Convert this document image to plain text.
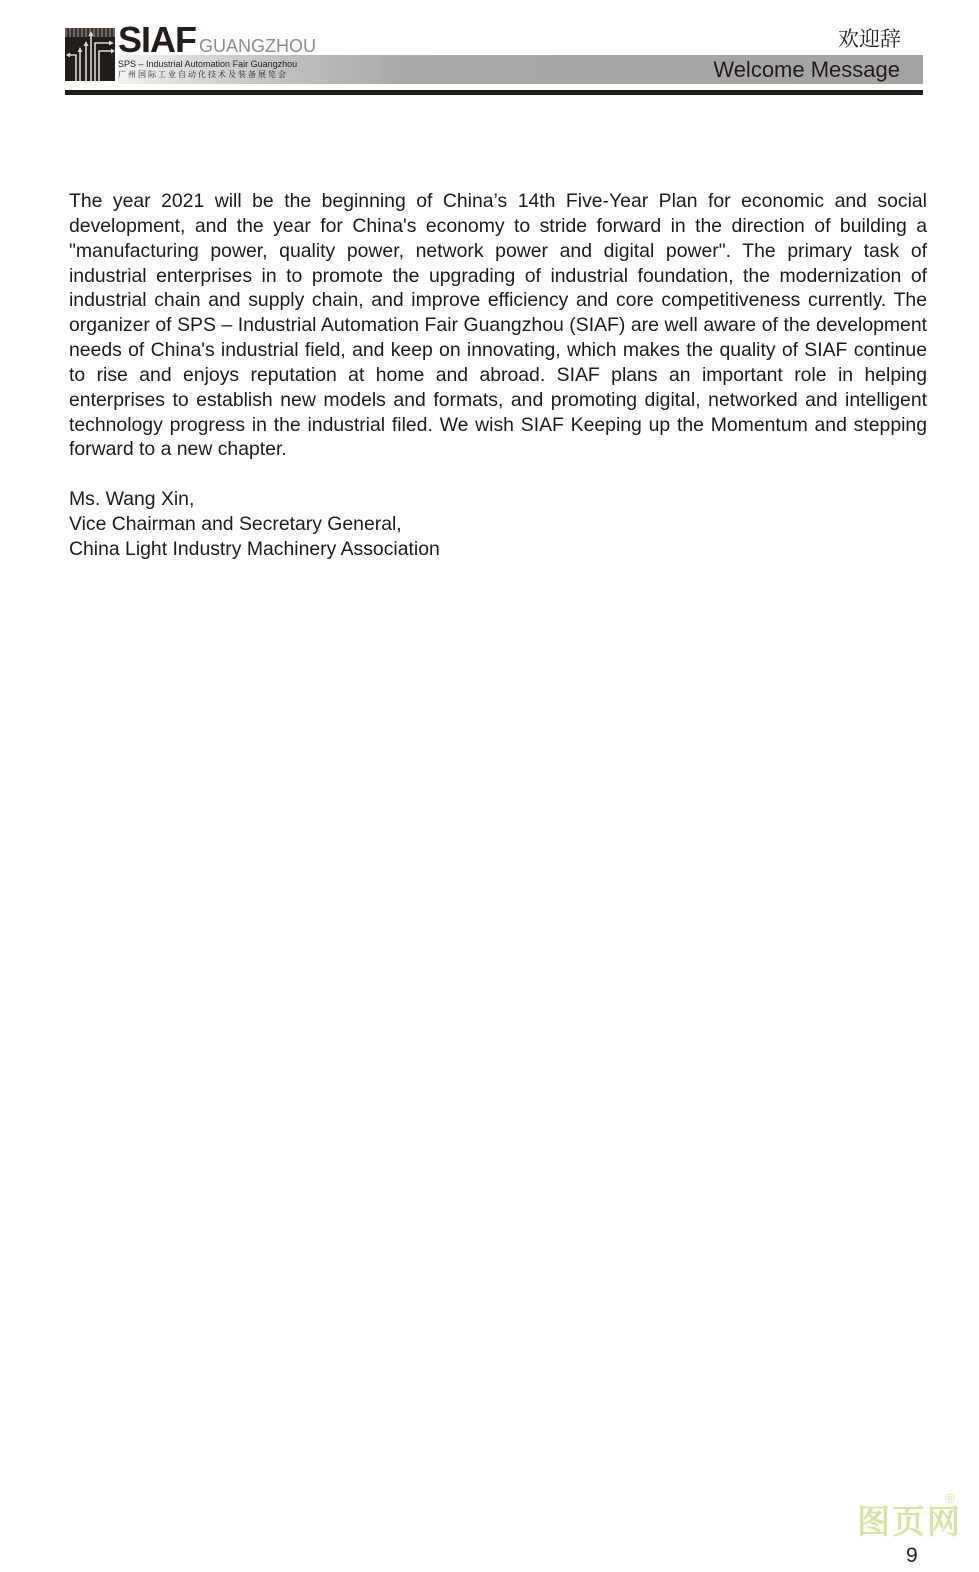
SIAF GUANGZHOU
SPS – Industrial Automation Fair Guangzhou
广州国际工业自动化技术及装备展览会
欢迎辞
Welcome Message

The year 2021 will be the beginning of China’s 14th Five-Year Plan for economic and social development, and the year for China's economy to stride forward in the direction of building a "manufacturing power, quality power, network power and digital power". The primary task of industrial enterprises in to promote the upgrading of industrial foundation, the modernization of industrial chain and supply chain, and improve efficiency and core competitiveness currently. The organizer of SPS – Industrial Automation Fair Guangzhou (SIAF) are well aware of the development needs of China's industrial field, and keep on innovating, which makes the quality of SIAF continue to rise and enjoys reputation at home and abroad. SIAF plans an important role in helping enterprises to establish new models and formats, and promoting digital, networked and intelligent technology progress in the industrial filed. We wish SIAF Keeping up the Momentum and stepping forward to a new chapter.

Ms. Wang Xin,
Vice Chairman and Secretary General,
China Light Industry Machinery Association
图页网
®
9
